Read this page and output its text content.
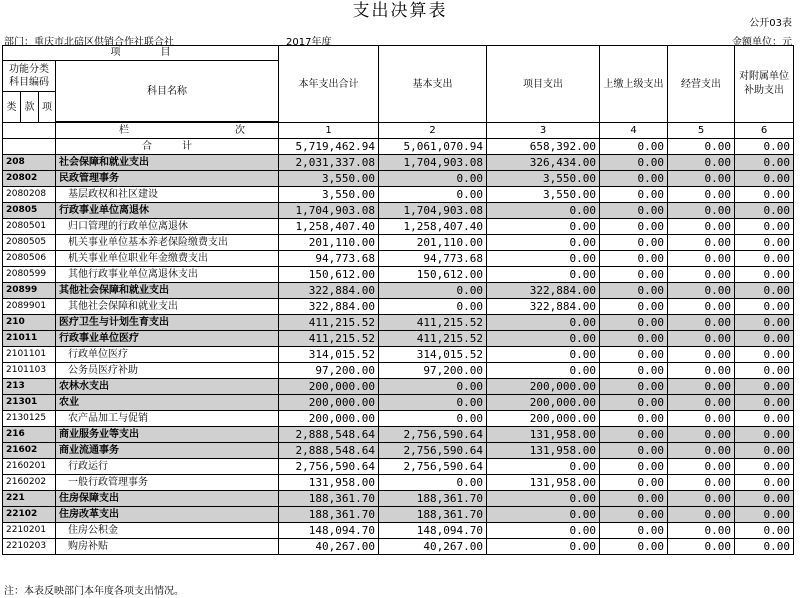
支出决算表
公开03表
部门：重庆市北碚区供销合作社联合社	2017年度	金额单位：元
项　　　　目				本年支出合计	基本支出	项目支出	上缴上级支出	经营支出	对附属单位补助支出
功能分类
科目编码			科目名称						
类	款	项							

			栏 次	1	2	3	4	5	6
			合　　　计	5,719,462.94	5,061,070.94	658,392.00	0.00	0.00	0.00
208			社会保障和就业支出	2,031,337.08	1,704,903.08	326,434.00	0.00	0.00	0.00
20802			民政管理事务	3,550.00	0.00	3,550.00	0.00	0.00	0.00
2080208			基层政权和社区建设	3,550.00	0.00	3,550.00	0.00	0.00	0.00
20805			行政事业单位离退休	1,704,903.08	1,704,903.08	0.00	0.00	0.00	0.00
2080501			归口管理的行政单位离退休	1,258,407.40	1,258,407.40	0.00	0.00	0.00	0.00
2080505			机关事业单位基本养老保险缴费支出	201,110.00	201,110.00	0.00	0.00	0.00	0.00
2080506			机关事业单位职业年金缴费支出	94,773.68	94,773.68	0.00	0.00	0.00	0.00
2080599			其他行政事业单位离退休支出	150,612.00	150,612.00	0.00	0.00	0.00	0.00
20899			其他社会保障和就业支出	322,884.00	0.00	322,884.00	0.00	0.00	0.00
2089901			其他社会保障和就业支出	322,884.00	0.00	322,884.00	0.00	0.00	0.00
210			医疗卫生与计划生育支出	411,215.52	411,215.52	0.00	0.00	0.00	0.00
21011			行政事业单位医疗	411,215.52	411,215.52	0.00	0.00	0.00	0.00
2101101			行政单位医疗	314,015.52	314,015.52	0.00	0.00	0.00	0.00
2101103			公务员医疗补助	97,200.00	97,200.00	0.00	0.00	0.00	0.00
213			农林水支出	200,000.00	0.00	200,000.00	0.00	0.00	0.00
21301			农业	200,000.00	0.00	200,000.00	0.00	0.00	0.00
2130125			农产品加工与促销	200,000.00	0.00	200,000.00	0.00	0.00	0.00
216			商业服务业等支出	2,888,548.64	2,756,590.64	131,958.00	0.00	0.00	0.00
21602			商业流通事务	2,888,548.64	2,756,590.64	131,958.00	0.00	0.00	0.00
2160201			行政运行	2,756,590.64	2,756,590.64	0.00	0.00	0.00	0.00
2160202			一般行政管理事务	131,958.00	0.00	131,958.00	0.00	0.00	0.00
221			住房保障支出	188,361.70	188,361.70	0.00	0.00	0.00	0.00
22102			住房改革支出	188,361.70	188,361.70	0.00	0.00	0.00	0.00
2210201			住房公积金	148,094.70	148,094.70	0.00	0.00	0.00	0.00
2210203			购房补贴	40,267.00	40,267.00	0.00	0.00	0.00	0.00
注：本表反映部门本年度各项支出情况。
